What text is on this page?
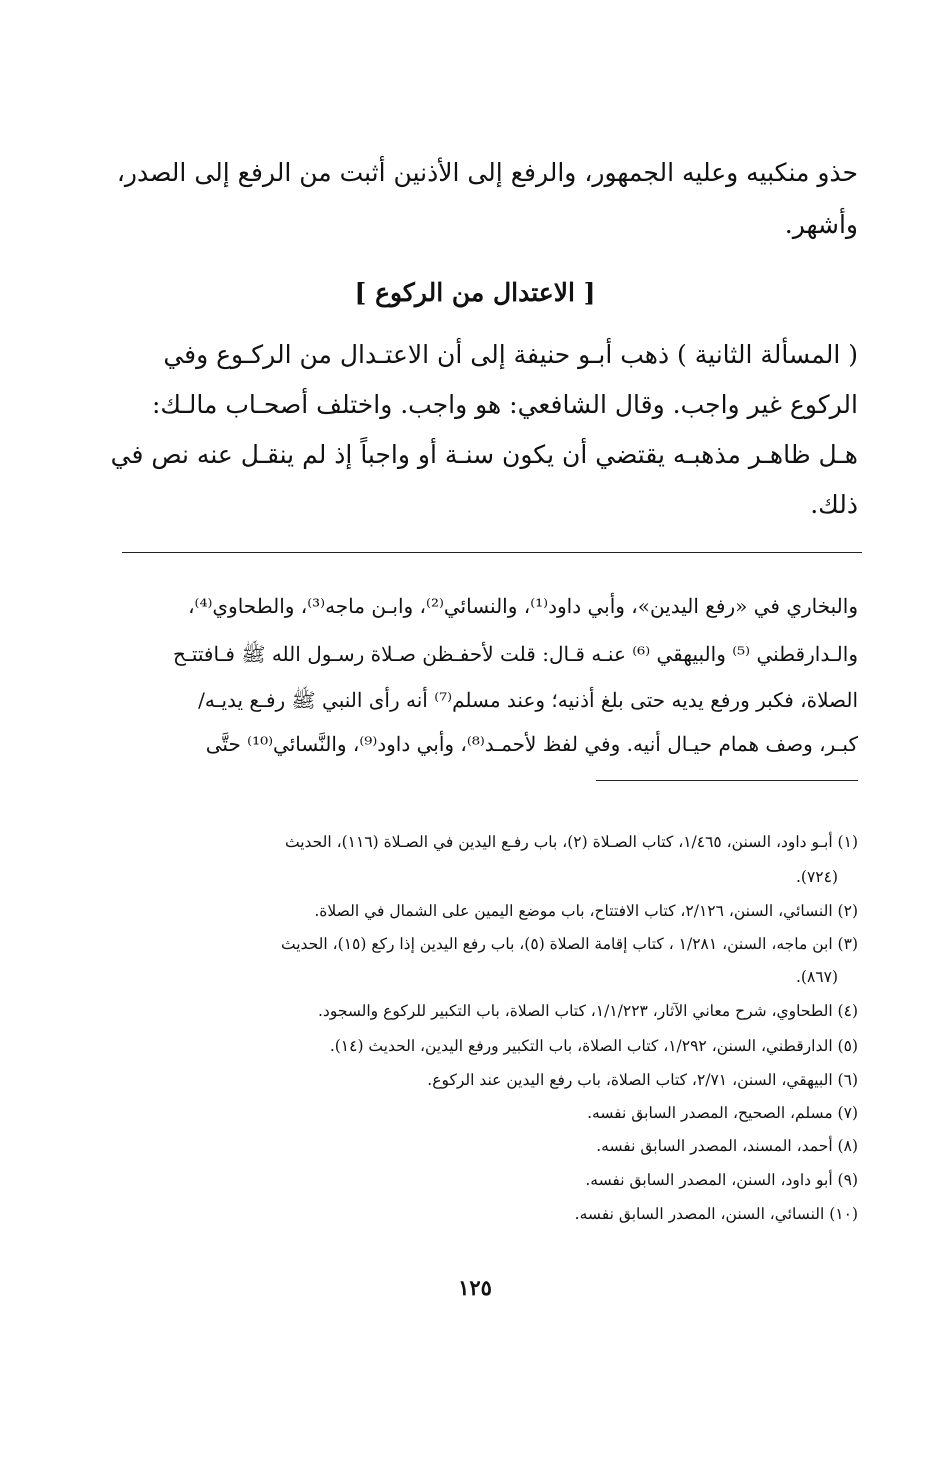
حذو منكبيه وعليه الجمهور، والرفع إلى الأذنين أثبت من الرفع إلى الصدر،
وأشهر.
[ الاعتدال من الركوع ]
( المسألة الثانية ) ذهب أبـو حنيفة إلى أن الاعتـدال من الركـوع وفي
الركوع غير واجب. وقال الشافعي: هو واجب. واختلف أصحـاب مالـك:
هـل ظاهـر مذهبـه يقتضي أن يكون سنـة أو واجباً إذ لم ينقـل عنه نص في
ذلك.
والبخاري في «رفع اليدين»، وأبي داود⁽¹⁾، والنسائي⁽²⁾، وابـن ماجه⁽³⁾، والطحاوي⁽⁴⁾،
والـدارقطني ⁽⁵⁾ والبيهقي ⁽⁶⁾ عنـه قـال: قلت لأحفـظن صـلاة رسـول الله ﷺ فـافتتـح
الصلاة، فكبر ورفع يديه حتى بلغ أذنيه؛ وعند مسلم⁽⁷⁾ أنه رأى النبي ﷺ رفـع يديـه/
كبـر، وصف همام حيـال أنيه. وفي لفظ لأحمـد⁽⁸⁾، وأبي داود⁽⁹⁾، والنَّسائي⁽¹⁰⁾ حتَّى
(١) أبـو داود، السنن، ١/٤٦٥، كتاب الصـلاة (٢)، باب رفـع اليدين في الصـلاة (١١٦)، الحديث
(٧٢٤).
(٢) النسائي، السنن، ٢/١٢٦، كتاب الافتتاح، باب موضع اليمين على الشمال في الصلاة.
(٣) ابن ماجه، السنن، ١/٢٨١ ، كتاب إقامة الصلاة (٥)، باب رفع اليدين إذا ركع (١٥)، الحديث
(٨٦٧).
(٤) الطحاوي، شرح معاني الآثار، ١/١/٢٢٣، كتاب الصلاة، باب التكبير للركوع والسجود.
(٥) الدارقطني، السنن، ١/٢٩٢، كتاب الصلاة، باب التكبير ورفع اليدين، الحديث (١٤).
(٦) البيهقي، السنن، ٢/٧١، كتاب الصلاة، باب رفع اليدين عند الركوع.
(٧) مسلم، الصحيح، المصدر السابق نفسه.
(٨) أحمد، المسند، المصدر السابق نفسه.
(٩) أبو داود، السنن، المصدر السابق نفسه.
(١٠) النسائي، السنن، المصدر السابق نفسه.
١٢٥
